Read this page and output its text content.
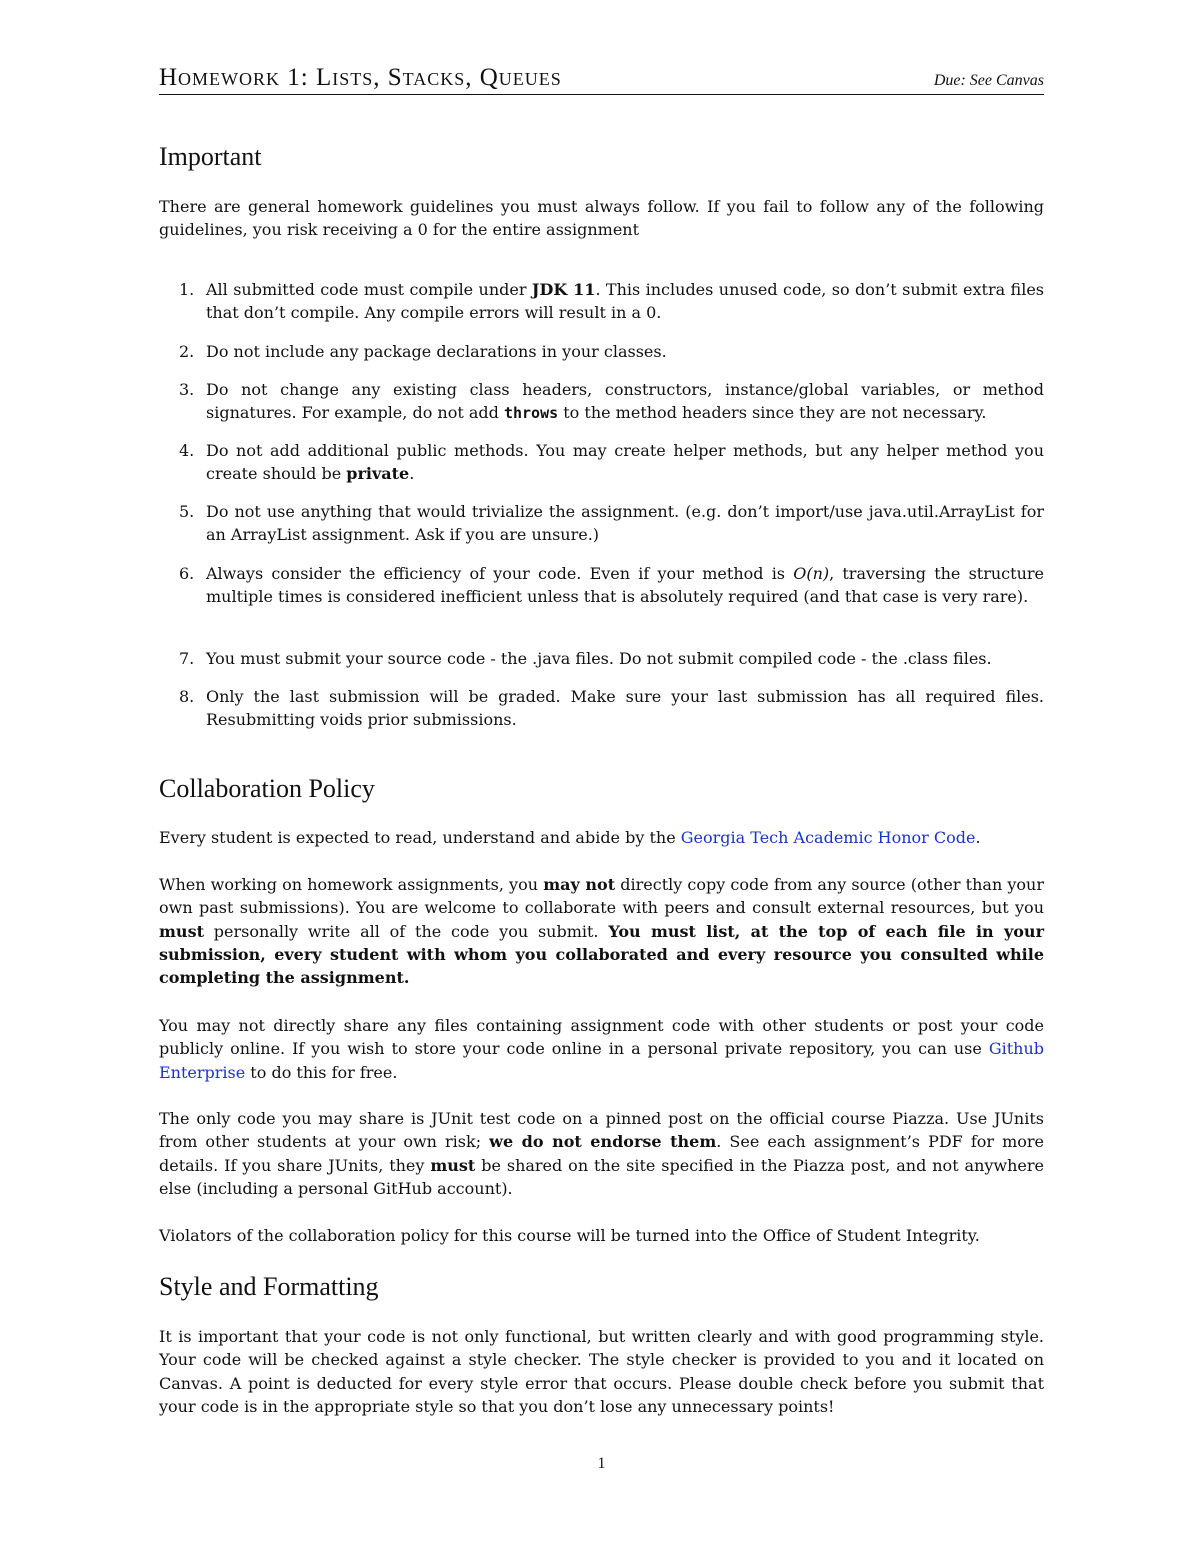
Homework 1: Lists, Stacks, Queues	Due: See Canvas
Important

There are general homework guidelines you must always follow. If you fail to follow any of the following guidelines, you risk receiving a 0 for the entire assignment

1. All submitted code must compile under JDK 11. This includes unused code, so don’t submit extra files that don’t compile. Any compile errors will result in a 0.
2. Do not include any package declarations in your classes.
3. Do not change any existing class headers, constructors, instance/global variables, or method signatures. For example, do not add throws to the method headers since they are not necessary.
4. Do not add additional public methods. You may create helper methods, but any helper method you create should be private.
5. Do not use anything that would trivialize the assignment. (e.g. don’t import/use java.util.ArrayList for an ArrayList assignment. Ask if you are unsure.)
6. Always consider the efficiency of your code. Even if your method is O(n), traversing the structure multiple times is considered inefficient unless that is absolutely required (and that case is very rare).
7. You must submit your source code - the .java files. Do not submit compiled code - the .class files.
8. Only the last submission will be graded. Make sure your last submission has all required files. Resubmitting voids prior submissions.
Collaboration Policy

Every student is expected to read, understand and abide by the Georgia Tech Academic Honor Code.

When working on homework assignments, you may not directly copy code from any source (other than your own past submissions). You are welcome to collaborate with peers and consult external resources, but you must personally write all of the code you submit. You must list, at the top of each file in your submission, every student with whom you collaborated and every resource you consulted while completing the assignment.

You may not directly share any files containing assignment code with other students or post your code publicly online. If you wish to store your code online in a personal private repository, you can use Github Enterprise to do this for free.

The only code you may share is JUnit test code on a pinned post on the official course Piazza. Use JUnits from other students at your own risk; we do not endorse them. See each assignment’s PDF for more details. If you share JUnits, they must be shared on the site specified in the Piazza post, and not anywhere else (including a personal GitHub account).

Violators of the collaboration policy for this course will be turned into the Office of Student Integrity.

Style and Formatting

It is important that your code is not only functional, but written clearly and with good programming style. Your code will be checked against a style checker. The style checker is provided to you and it located on Canvas. A point is deducted for every style error that occurs. Please double check before you submit that your code is in the appropriate style so that you don’t lose any unnecessary points!

1
